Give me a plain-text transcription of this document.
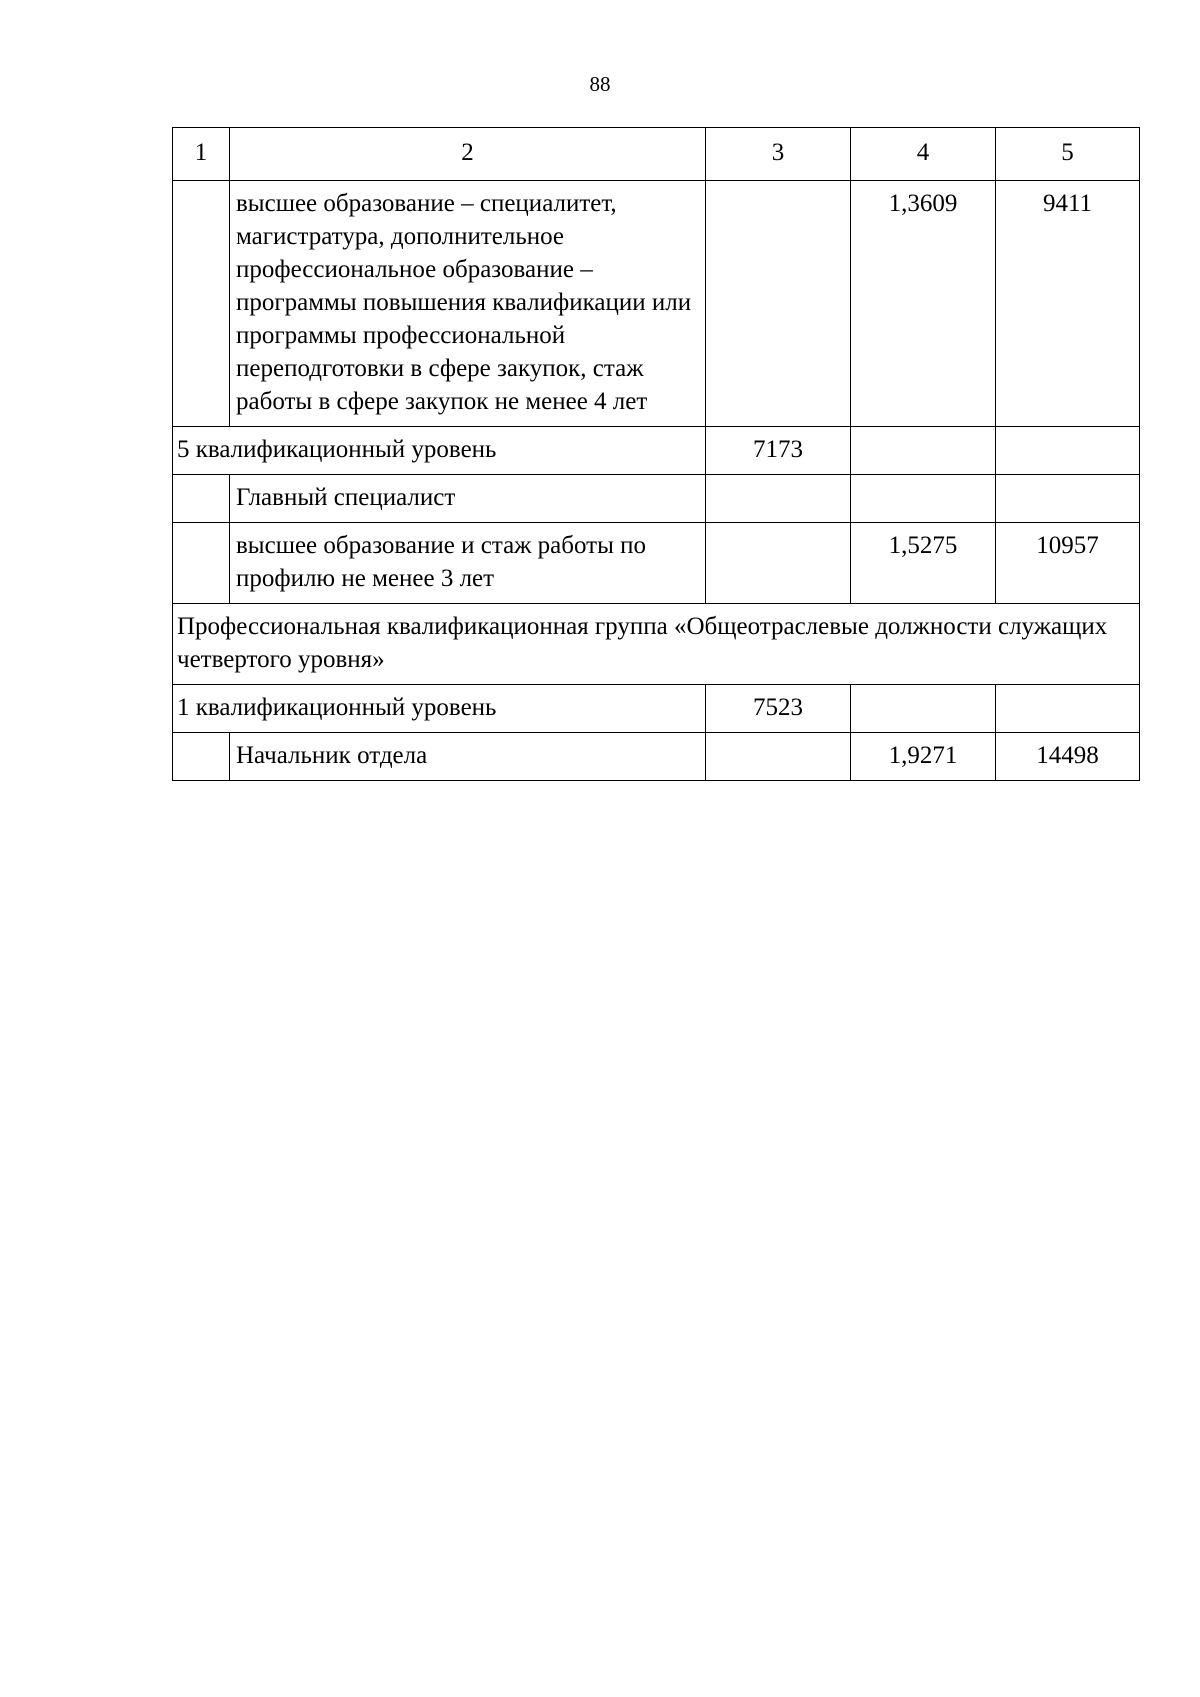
88
1	2	3	4	5
	высшее образование – специалитет, магистратура, дополнительное профессиональное образование – программы повышения квалификации или программы профессиональной переподготовки в сфере закупок, стаж работы в сфере закупок не менее 4 лет		1,3609	9411
5 квалификационный уровень		7173		
	Главный специалист			
	высшее образование и стаж работы по профилю не менее 3 лет		1,5275	10957
Профессиональная квалификационная группа «Общеотраслевые должности служащих четвертого уровня»				
1 квалификационный уровень		7523		
	Начальник отдела		1,9271	14498
